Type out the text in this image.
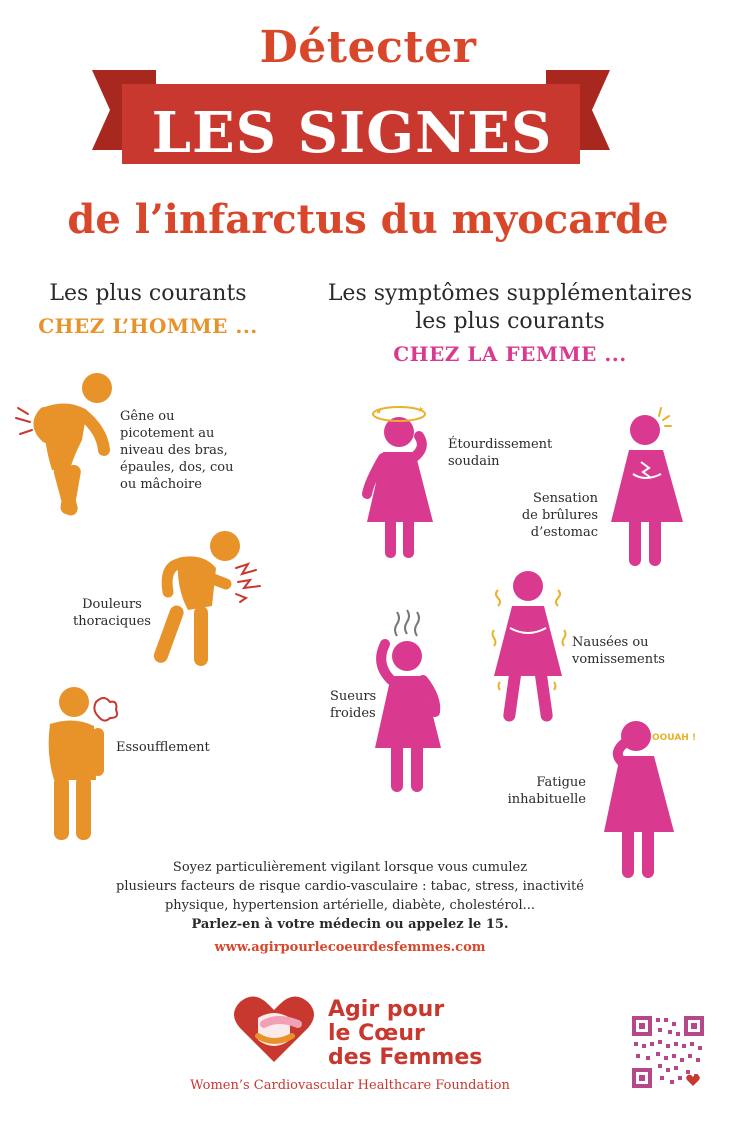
Détecter
LES SIGNES
de l’infarctus du myocarde
Les plus courants
CHEZ L’HOMME ...
Les symptômes supplémentaires
les plus courants
CHEZ LA FEMME ...
Gêne ou
picotement au
niveau des bras,
épaules, dos, cou
ou mâchoire
Douleurs
thoraciques
Essoufflement
★	★
Étourdissement
soudain
Sensation
de brûlures
d’estomac
Sueurs
froides
Nausées ou
vomissements
OOUAH !
Fatigue
inhabituelle
Soyez particulièrement vigilant lorsque vous cumulez
plusieurs facteurs de risque cardio-vasculaire : tabac, stress, inactivité
physique, hypertension artérielle, diabète, cholestérol...
Parlez-en à votre médecin ou appelez le 15.
www.agirpourlecoeurdesfemmes.com
Agir pour
le Cœur
des Femmes
Women’s Cardiovascular Healthcare Foundation
